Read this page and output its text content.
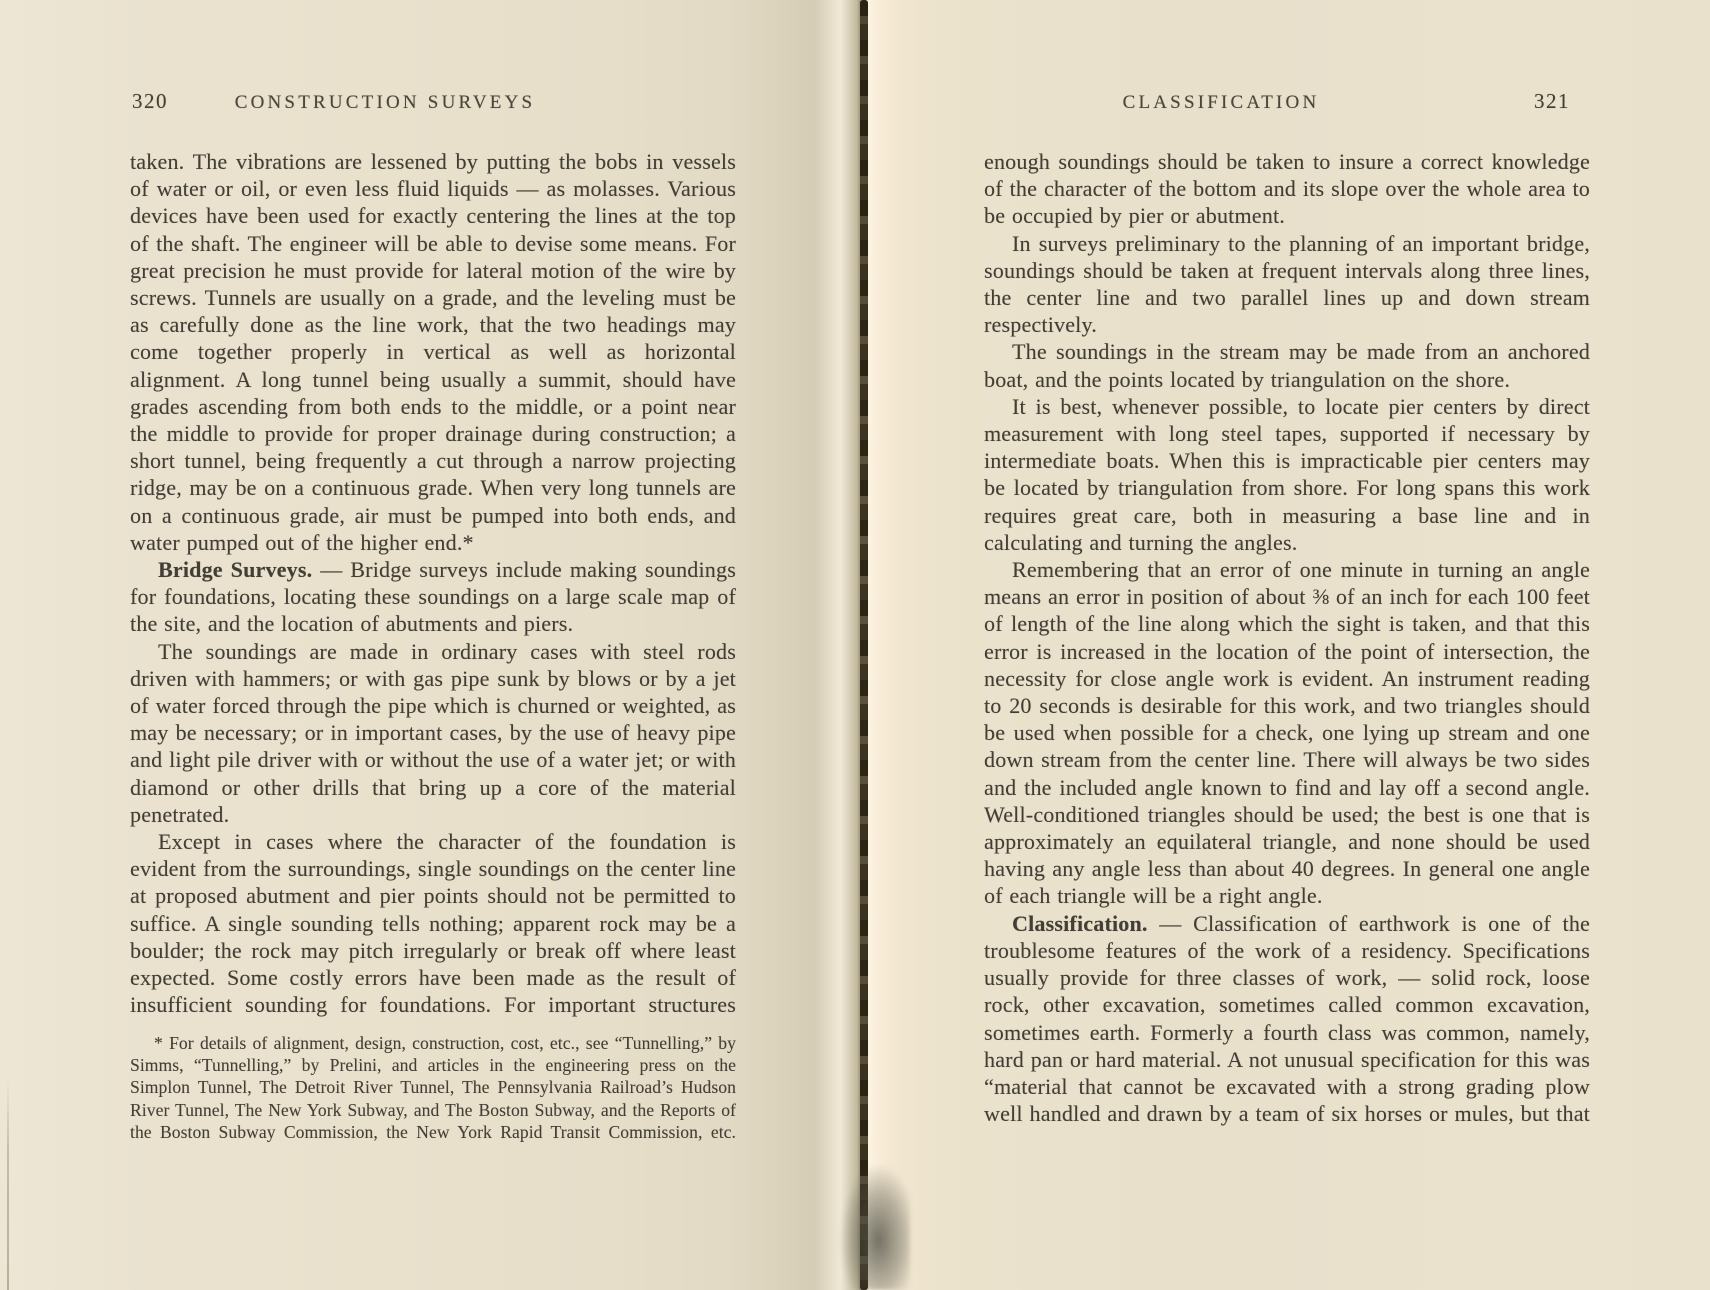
320	CONSTRUCTION SURVEYS

taken. The vibrations are lessened by putting the bobs in vessels of water or oil, or even less fluid liquids — as molasses. Various devices have been used for exactly centering the lines at the top of the shaft. The engineer will be able to devise some means. For great precision he must provide for lateral motion of the wire by screws. Tunnels are usually on a grade, and the leveling must be as carefully done as the line work, that the two headings may come together properly in vertical as well as horizontal alignment. A long tunnel being usually a summit, should have grades ascending from both ends to the middle, or a point near the middle to provide for proper drainage during construction; a short tunnel, being frequently a cut through a narrow projecting ridge, may be on a continuous grade. When very long tunnels are on a continuous grade, air must be pumped into both ends, and water pumped out of the higher end.*

Bridge Surveys. — Bridge surveys include making soundings for foundations, locating these soundings on a large scale map of the site, and the location of abutments and piers.

The soundings are made in ordinary cases with steel rods driven with hammers; or with gas pipe sunk by blows or by a jet of water forced through the pipe which is churned or weighted, as may be necessary; or in important cases, by the use of heavy pipe and light pile driver with or without the use of a water jet; or with diamond or other drills that bring up a core of the material penetrated.

Except in cases where the character of the foundation is evident from the surroundings, single soundings on the center line at proposed abutment and pier points should not be permitted to suffice. A single sounding tells nothing; apparent rock may be a boulder; the rock may pitch irregularly or break off where least expected. Some costly errors have been made as the result of insufficient sounding for foundations. For important structures

* For details of alignment, design, construction, cost, etc., see “Tunnelling,” by Simms, “Tunnelling,” by Prelini, and articles in the engineering press on the Simplon Tunnel, The Detroit River Tunnel, The Pennsylvania Railroad’s Hudson River Tunnel, The New York Subway, and The Boston Subway, and the Reports of the Boston Subway Commission, the New York Rapid Transit Commission, etc.
321
CLASSIFICATION

enough soundings should be taken to insure a correct knowledge of the character of the bottom and its slope over the whole area to be occupied by pier or abutment.

In surveys preliminary to the planning of an important bridge, soundings should be taken at frequent intervals along three lines, the center line and two parallel lines up and down stream respectively.

The soundings in the stream may be made from an anchored boat, and the points located by triangulation on the shore.

It is best, whenever possible, to locate pier centers by direct measurement with long steel tapes, supported if necessary by intermediate boats. When this is impracticable pier centers may be located by triangulation from shore. For long spans this work requires great care, both in measuring a base line and in calculating and turning the angles.

Remembering that an error of one minute in turning an angle means an error in position of about ⅜ of an inch for each 100 feet of length of the line along which the sight is taken, and that this error is increased in the location of the point of intersection, the necessity for close angle work is evident. An instrument reading to 20 seconds is desirable for this work, and two triangles should be used when possible for a check, one lying up stream and one down stream from the center line. There will always be two sides and the included angle known to find and lay off a second angle. Well-conditioned triangles should be used; the best is one that is approximately an equilateral triangle, and none should be used having any angle less than about 40 degrees. In general one angle of each triangle will be a right angle.

Classification. — Classification of earthwork is one of the troublesome features of the work of a residency. Specifications usually provide for three classes of work, — solid rock, loose rock, other excavation, sometimes called common excavation, sometimes earth. Formerly a fourth class was common, namely, hard pan or hard material. A not unusual specification for this was “material that cannot be excavated with a strong grading plow well handled and drawn by a team of six horses or mules, but that
